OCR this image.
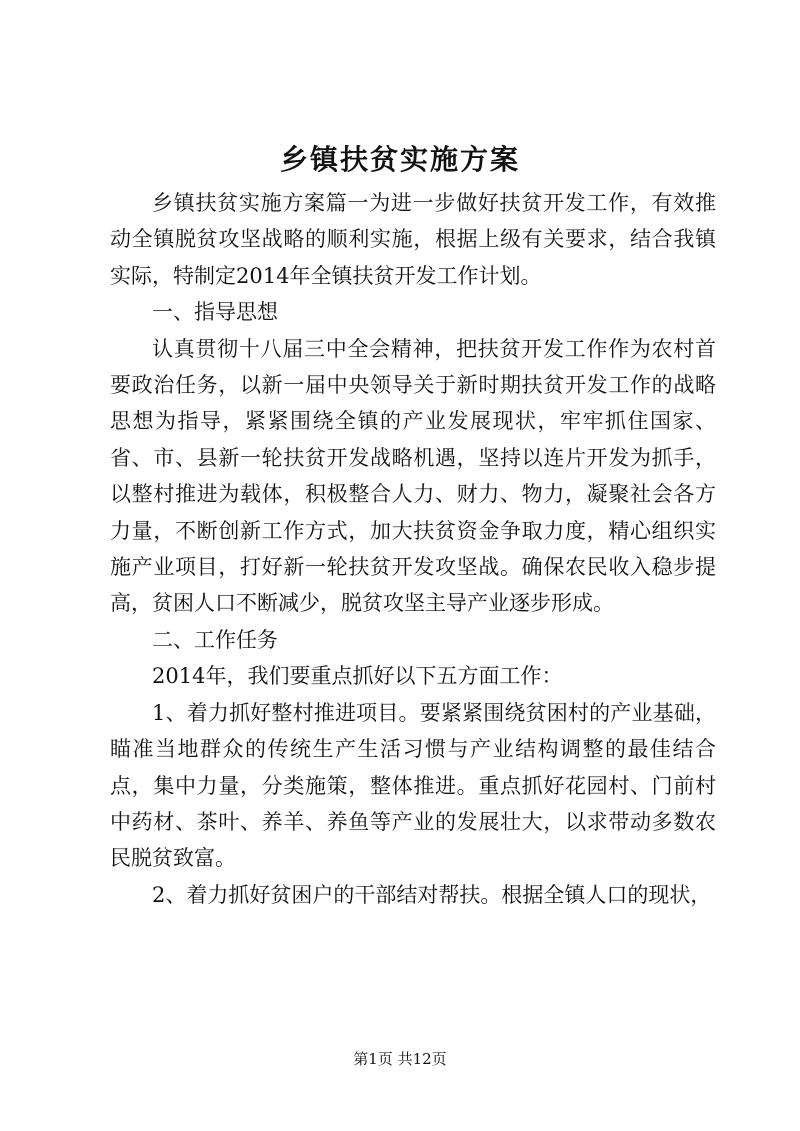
乡镇扶贫实施方案

乡镇扶贫实施方案篇一为进一步做好扶贫开发工作，有效推动全镇脱贫攻坚战略的顺利实施，根据上级有关要求，结合我镇实际，特制定2014年全镇扶贫开发工作计划。

一、指导思想

认真贯彻十八届三中全会精神，把扶贫开发工作作为农村首要政治任务，以新一届中央领导关于新时期扶贫开发工作的战略思想为指导，紧紧围绕全镇的产业发展现状，牢牢抓住国家、省、市、县新一轮扶贫开发战略机遇，坚持以连片开发为抓手，以整村推进为载体，积极整合人力、财力、物力，凝聚社会各方力量，不断创新工作方式，加大扶贫资金争取力度，精心组织实施产业项目，打好新一轮扶贫开发攻坚战。确保农民收入稳步提高，贫困人口不断减少，脱贫攻坚主导产业逐步形成。

二、工作任务

2014年，我们要重点抓好以下五方面工作：

1、着力抓好整村推进项目。要紧紧围绕贫困村的产业基础，瞄准当地群众的传统生产生活习惯与产业结构调整的最佳结合点，集中力量，分类施策，整体推进。重点抓好花园村、门前村中药材、茶叶、养羊、养鱼等产业的发展壮大，以求带动多数农民脱贫致富。

2、着力抓好贫困户的干部结对帮扶。根据全镇人口的现状，

第1页 共12页
